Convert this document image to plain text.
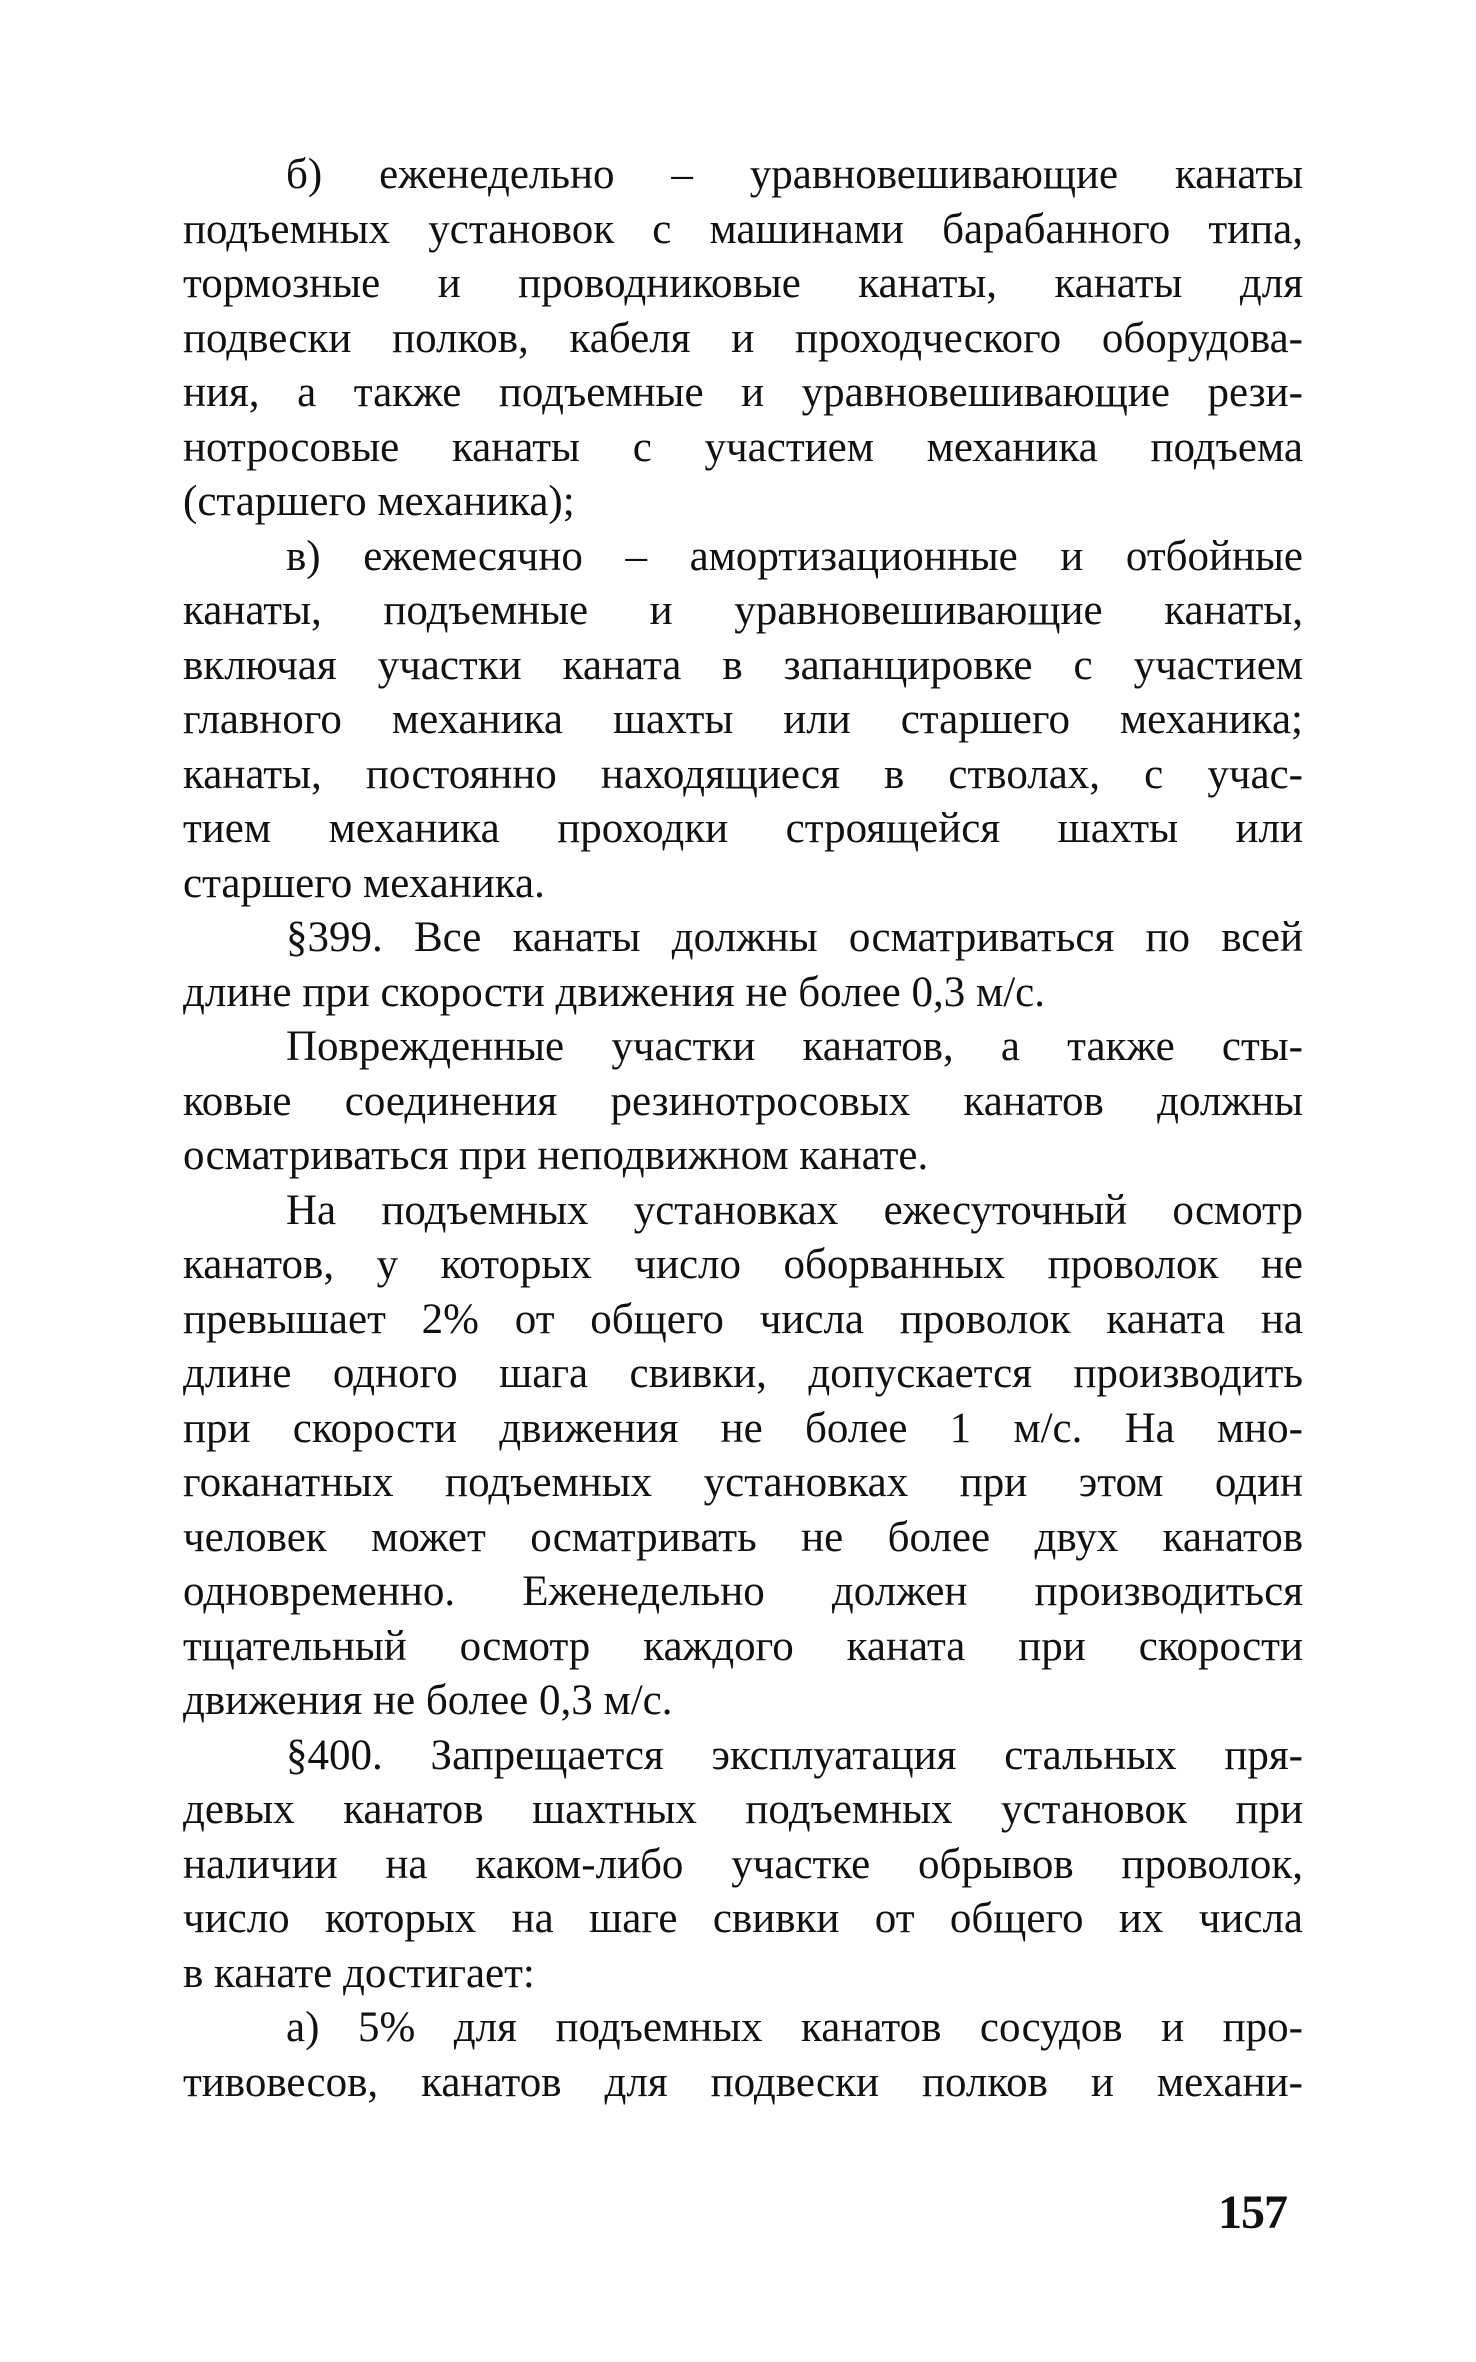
б) еженедельно – уравновешивающие канаты
подъемных установок с машинами барабанного типа,
тормозные и проводниковые канаты, канаты для
подвески полков, кабеля и проходческого оборудова-
ния, а также подъемные и уравновешивающие рези-
нотросовые канаты с участием механика подъема
(старшего механика);
в) ежемесячно – амортизационные и отбойные
канаты, подъемные и уравновешивающие канаты,
включая участки каната в запанцировке с участием
главного механика шахты или старшего механика;
канаты, постоянно находящиеся в стволах, с учас-
тием механика проходки строящейся шахты или
старшего механика.
§399. Все канаты должны осматриваться по всей
длине при скорости движения не более 0,3 м/с.
Поврежденные участки канатов, а также сты-
ковые соединения резинотросовых канатов должны
осматриваться при неподвижном канате.
На подъемных установках ежесуточный осмотр
канатов, у которых число оборванных проволок не
превышает 2% от общего числа проволок каната на
длине одного шага свивки, допускается производить
при скорости движения не более 1 м/с. На мно-
гоканатных подъемных установках при этом один
человек может осматривать не более двух канатов
одновременно. Еженедельно должен производиться
тщательный осмотр каждого каната при скорости
движения не более 0,3 м/с.
§400. Запрещается эксплуатация стальных пря-
девых канатов шахтных подъемных установок при
наличии на каком-либо участке обрывов проволок,
число которых на шаге свивки от общего их числа
в канате достигает:
а) 5% для подъемных канатов сосудов и про-
тивовесов, канатов для подвески полков и механи-
157
